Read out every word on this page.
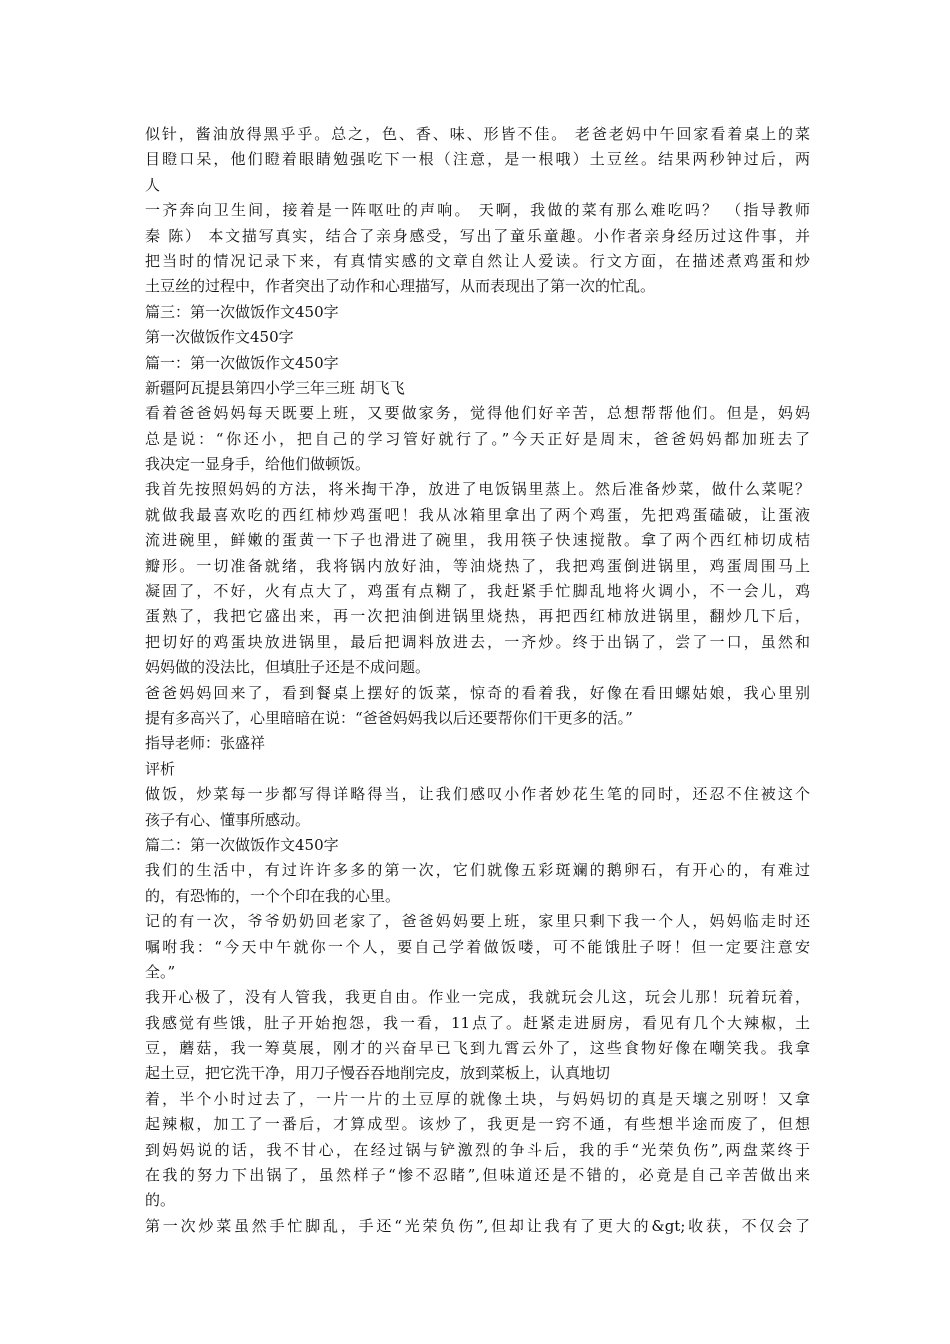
似针，酱油放得黑乎乎。总之，色、香、味、形皆不佳。 老爸老妈中午回家看着桌上的菜
目瞪口呆，他们瞪着眼睛勉强吃下一根（注意，是一根哦）土豆丝。结果两秒钟过后，两
人
一齐奔向卫生间，接着是一阵呕吐的声响。 天啊，我做的菜有那么难吃吗？ （指导教师
秦 陈） 本文描写真实，结合了亲身感受，写出了童乐童趣。小作者亲身经历过这件事，并
把当时的情况记录下来，有真情实感的文章自然让人爱读。行文方面，在描述煮鸡蛋和炒
土豆丝的过程中，作者突出了动作和心理描写，从而表现出了第一次的忙乱。
篇三：第一次做饭作文450字
第一次做饭作文450字
篇一：第一次做饭作文450字
新疆阿瓦提县第四小学三年三班 胡飞飞
看着爸爸妈妈每天既要上班，又要做家务，觉得他们好辛苦，总想帮帮他们。但是，妈妈
总是说：“你还小，把自己的学习管好就行了。”今天正好是周末，爸爸妈妈都加班去了
我决定一显身手，给他们做顿饭。
我首先按照妈妈的方法，将米掏干净，放进了电饭锅里蒸上。然后准备炒菜，做什么菜呢？
就做我最喜欢吃的西红柿炒鸡蛋吧！我从冰箱里拿出了两个鸡蛋，先把鸡蛋磕破，让蛋液
流进碗里，鲜嫩的蛋黄一下子也滑进了碗里，我用筷子快速搅散。拿了两个西红柿切成桔
瓣形。一切准备就绪，我将锅内放好油，等油烧热了，我把鸡蛋倒进锅里，鸡蛋周围马上
凝固了，不好，火有点大了，鸡蛋有点糊了，我赶紧手忙脚乱地将火调小，不一会儿，鸡
蛋熟了，我把它盛出来，再一次把油倒进锅里烧热，再把西红柿放进锅里，翻炒几下后，
把切好的鸡蛋块放进锅里，最后把调料放进去，一齐炒。终于出锅了，尝了一口，虽然和
妈妈做的没法比，但填肚子还是不成问题。
爸爸妈妈回来了，看到餐桌上摆好的饭菜，惊奇的看着我，好像在看田螺姑娘，我心里别
提有多高兴了，心里暗暗在说：“爸爸妈妈我以后还要帮你们干更多的活。”
指导老师：张盛祥
评析
做饭，炒菜每一步都写得详略得当，让我们感叹小作者妙花生笔的同时，还忍不住被这个
孩子有心、懂事所感动。
篇二：第一次做饭作文450字
我们的生活中，有过许许多多的第一次，它们就像五彩斑斓的鹅卵石，有开心的，有难过
的，有恐怖的，一个个印在我的心里。
记的有一次，爷爷奶奶回老家了，爸爸妈妈要上班，家里只剩下我一个人，妈妈临走时还
嘱咐我：“今天中午就你一个人，要自己学着做饭喽，可不能饿肚子呀！但一定要注意安
全。”
我开心极了，没有人管我，我更自由。作业一完成，我就玩会儿这，玩会儿那！玩着玩着，
我感觉有些饿，肚子开始抱怨，我一看，11点了。赶紧走进厨房，看见有几个大辣椒，土
豆，蘑菇，我一筹莫展，刚才的兴奋早已飞到九霄云外了，这些食物好像在嘲笑我。我拿
起土豆，把它洗干净，用刀子慢吞吞地削完皮，放到菜板上，认真地切
着，半个小时过去了，一片一片的土豆厚的就像土块，与妈妈切的真是天壤之别呀！又拿
起辣椒，加工了一番后，才算成型。该炒了，我更是一窍不通，有些想半途而废了，但想
到妈妈说的话，我不甘心，在经过锅与铲激烈的争斗后，我的手“光荣负伤”,两盘菜终于
在我的努力下出锅了，虽然样子“惨不忍睹”,但味道还是不错的，必竟是自己辛苦做出来
的。
第一次炒菜虽然手忙脚乱，手还“光荣负伤”,但却让我有了更大的&gt;收获，不仅会了
